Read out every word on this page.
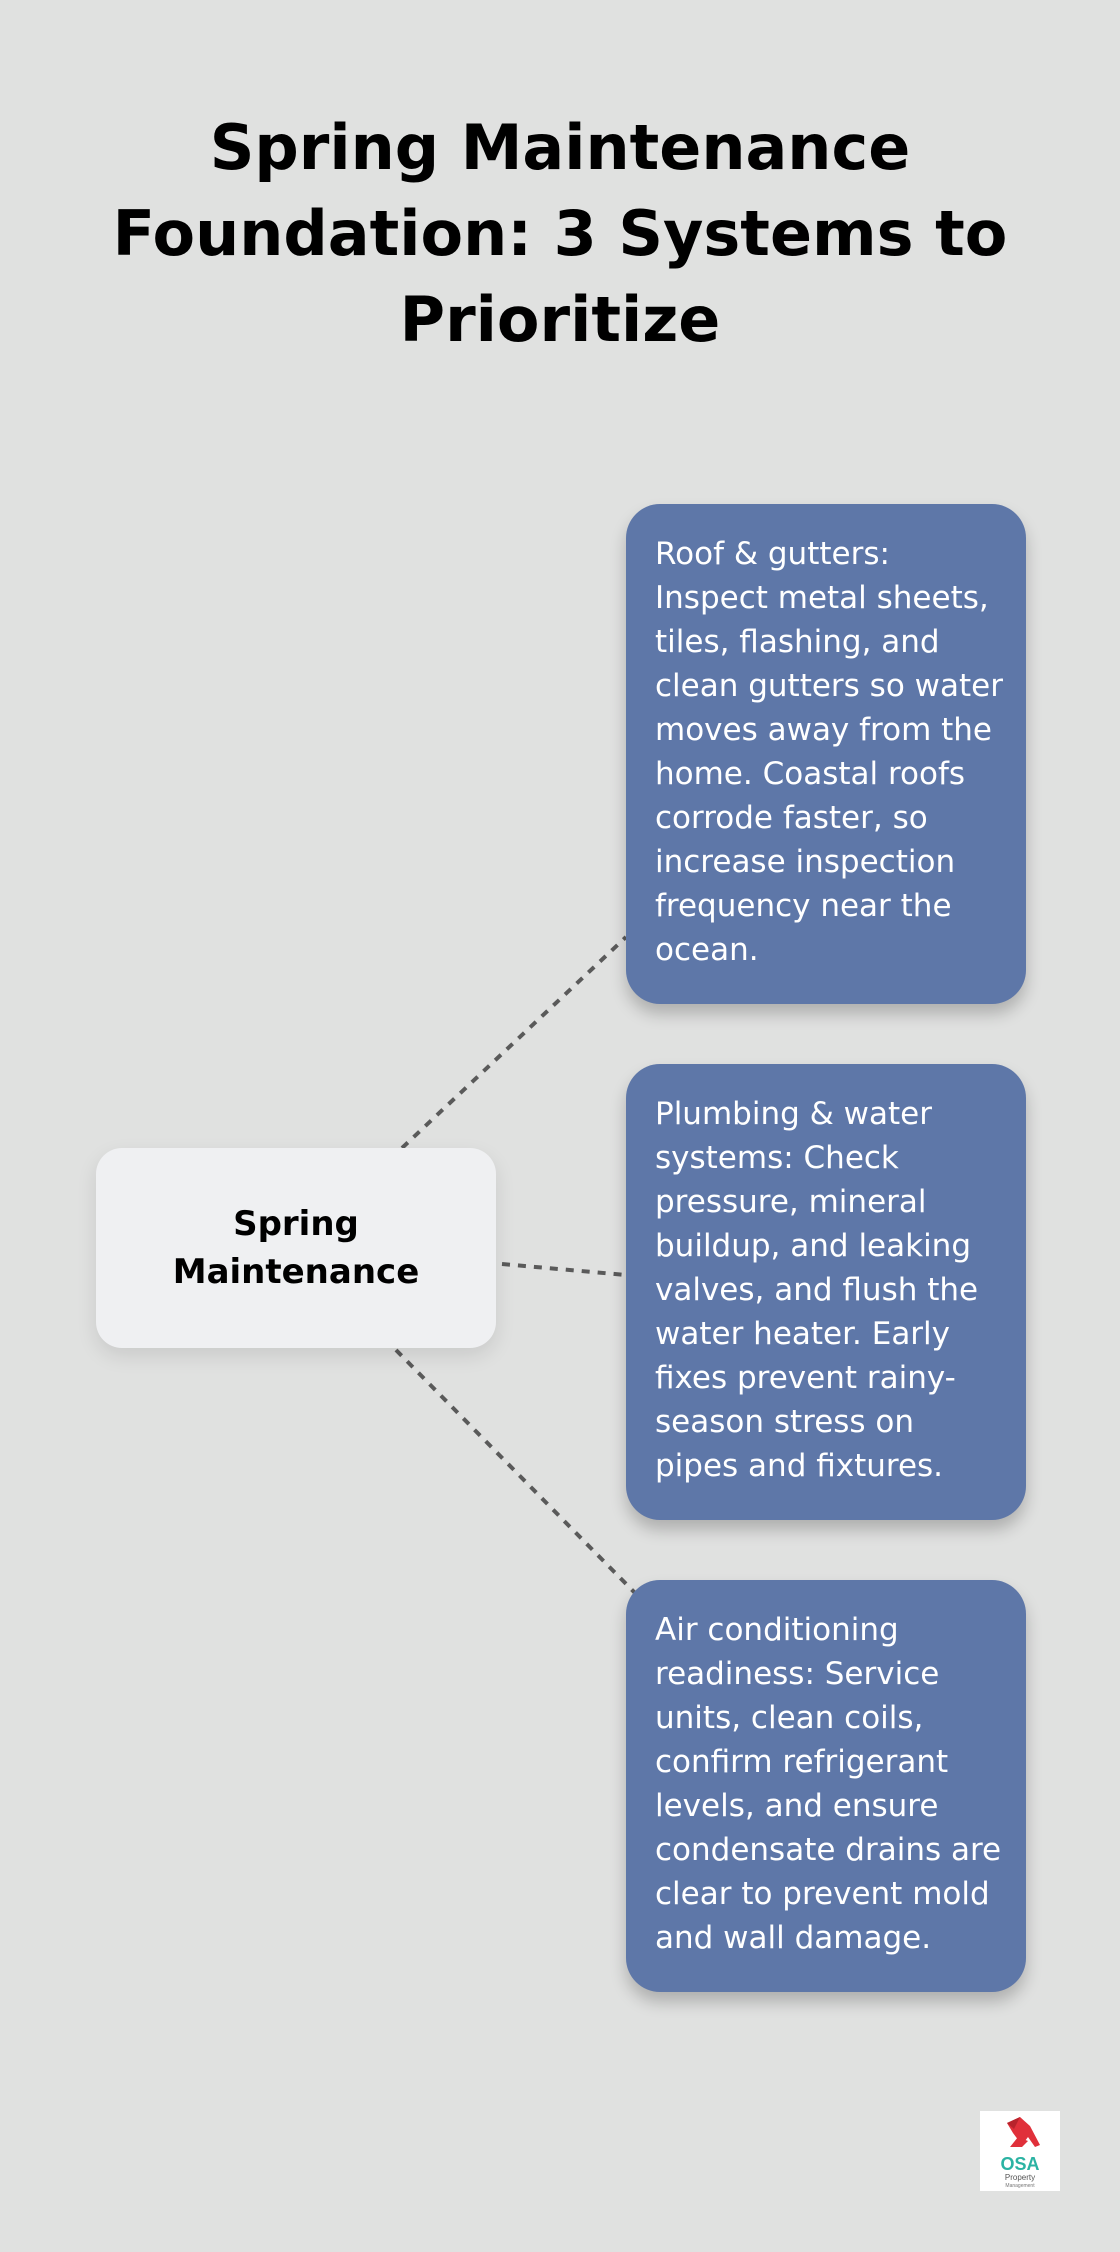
Spring Maintenance Foundation: 3 Systems to Prioritize
Spring Maintenance
Roof & gutters: Inspect metal sheets, tiles, flashing, and clean gutters so water moves away from the home. Coastal roofs corrode faster, so increase inspection frequency near the ocean.
Plumbing & water systems: Check pressure, mineral buildup, and leaking valves, and flush the water heater. Early fixes prevent rainy-season stress on pipes and fixtures.
Air conditioning readiness: Service units, clean coils, confirm refrigerant levels, and ensure condensate drains are clear to prevent mold and wall damage.
OSA
Property
Management
